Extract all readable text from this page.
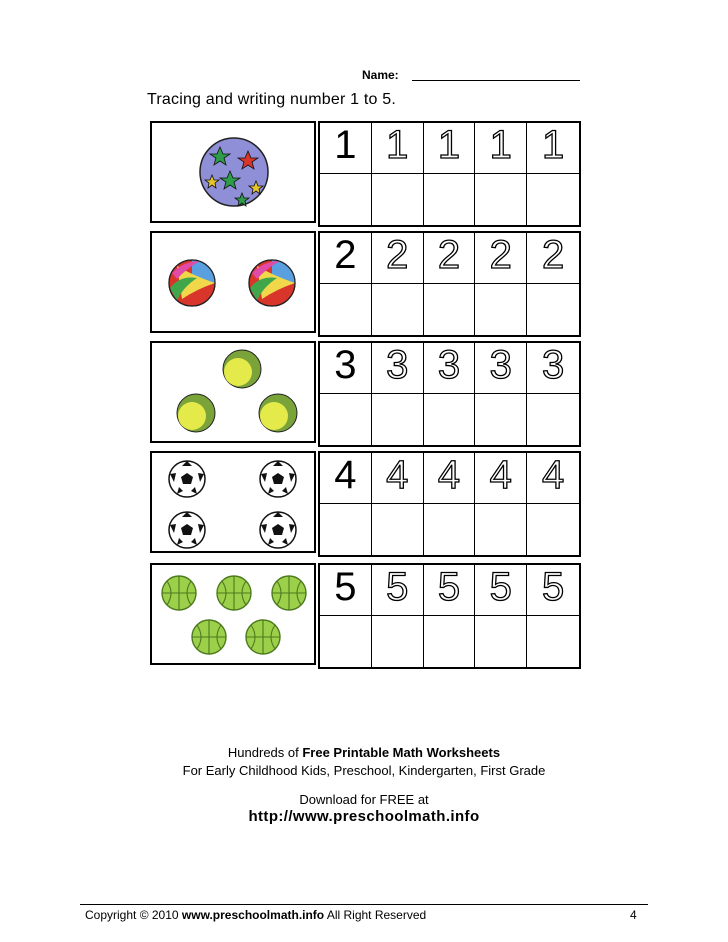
Name:
Tracing and writing number 1 to 5.
1 1 1 1 1
2 2 2 2 2
3 3 3 3 3
4 4 4 4 4
5 5 5 5 5
Hundreds of Free Printable Math Worksheets
For Early Childhood Kids, Preschool, Kindergarten, First Grade
Download for FREE at
http://www.preschoolmath.info
Copyright © 2010 www.preschoolmath.info All Right Reserved	4
